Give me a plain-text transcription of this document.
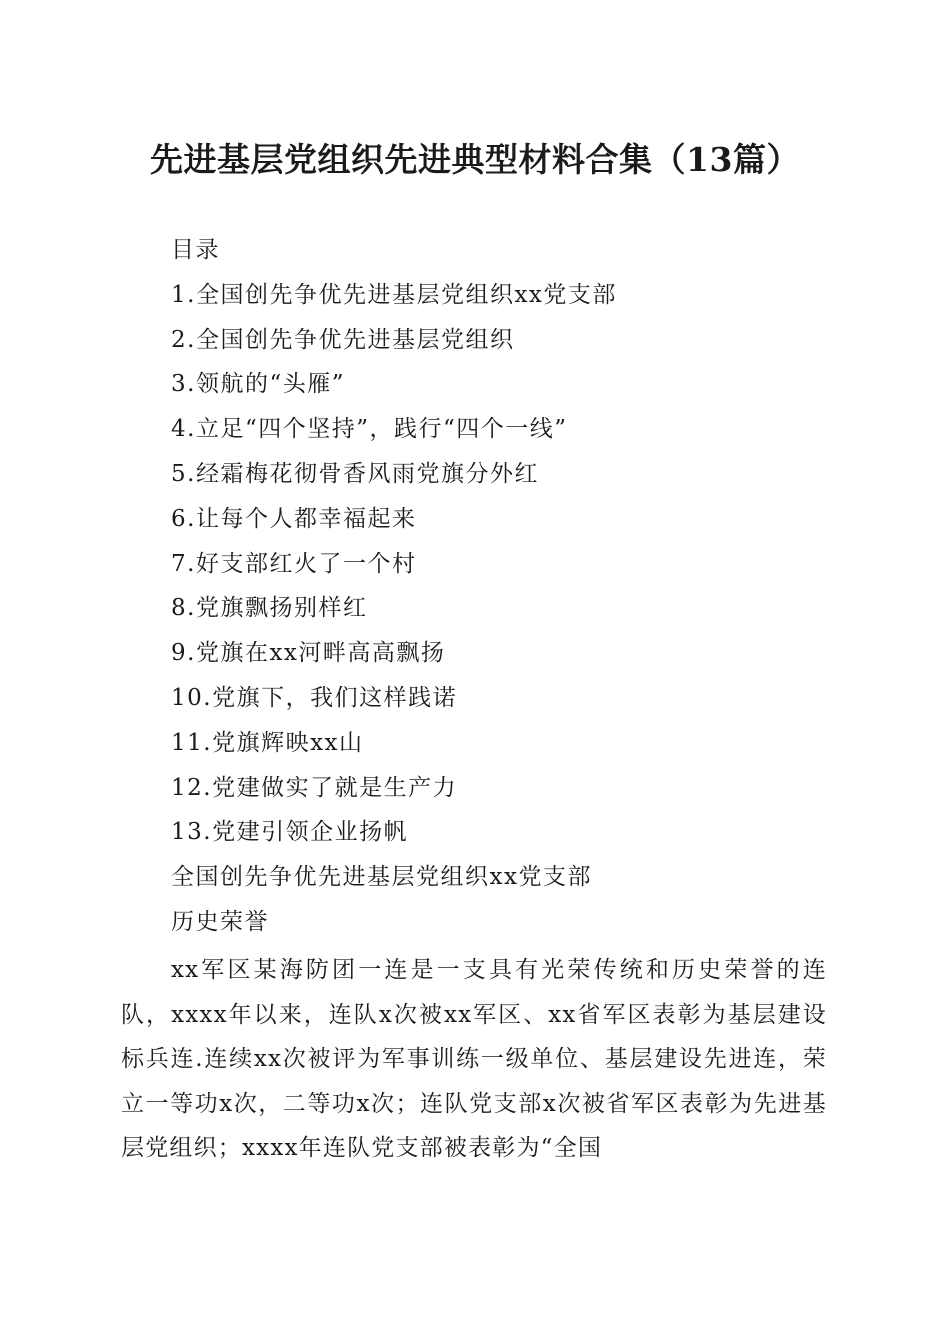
先进基层党组织先进典型材料合集（13篇）
目录
1.全国创先争优先进基层党组织xx党支部
2.全国创先争优先进基层党组织
3.领航的“头雁”
4.立足“四个坚持”，践行“四个一线”
5.经霜梅花彻骨香风雨党旗分外红
6.让每个人都幸福起来
7.好支部红火了一个村
8.党旗飘扬别样红
9.党旗在xx河畔高高飘扬
10.党旗下，我们这样践诺
11.党旗辉映xx山
12.党建做实了就是生产力
13.党建引领企业扬帆
全国创先争优先进基层党组织xx党支部
历史荣誉
xx军区某海防团一连是一支具有光荣传统和历史荣誉的连队，xxxx年以来，连队x次被xx军区、xx省军区表彰为基层建设标兵连.连续xx次被评为军事训练一级单位、基层建设先进连，荣立一等功x次，二等功x次；连队党支部x次被省军区表彰为先进基层党组织；xxxx年连队党支部被表彰为“全国
